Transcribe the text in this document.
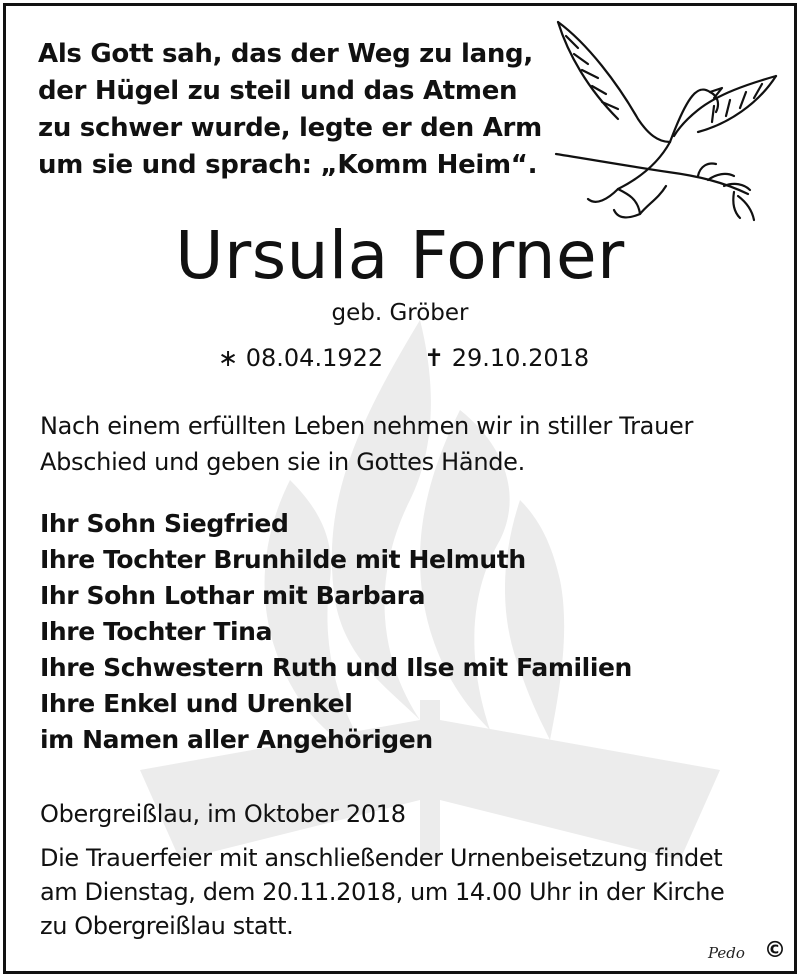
Als Gott sah, das der Weg zu lang,
der Hügel zu steil und das Atmen
zu schwer wurde, legte er den Arm
um sie und sprach: „Komm Heim“.
Ursula Forner
geb. Gröber
∗ 08.04.1922 ✝ 29.10.2018
Nach einem erfüllten Leben nehmen wir in stiller Trauer
Abschied und geben sie in Gottes Hände.
Ihr Sohn Siegfried
Ihre Tochter Brunhilde mit Helmuth
Ihr Sohn Lothar mit Barbara
Ihre Tochter Tina
Ihre Schwestern Ruth und Ilse mit Familien
Ihre Enkel und Urenkel
im Namen aller Angehörigen
Obergreißlau, im Oktober 2018
Die Trauerfeier mit anschließender Urnenbeisetzung findet
am Dienstag, dem 20.11.2018, um 14.00 Uhr in der Kirche
zu Obergreißlau statt.
Pedo ©
